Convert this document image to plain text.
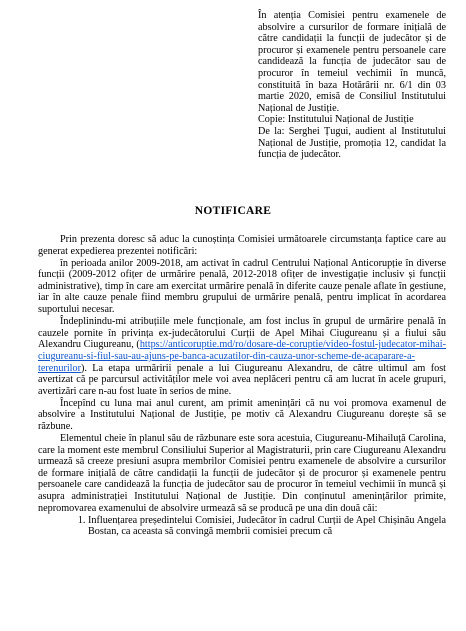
În atenția Comisiei pentru examenele de absolvire a cursurilor de formare inițială de către candidații la funcții de judecător și de procuror și examenele pentru persoanele care candidează la funcția de judecător sau de procuror în temeiul vechimii în muncă, constituită în baza Hotărârii nr. 6/1 din 03 martie 2020, emisă de Consiliul Institutului Național de Justiție.

Copie: Institutului Național de Justiție

De la: Serghei Țugui, audient al Institutului Național de Justiție, promoția 12, candidat la funcția de judecător.

NOTIFICARE

Prin prezenta doresc să aduc la cunoștința Comisiei următoarele circumstanța faptice care au generat expedierea prezentei notificări:

în perioada anilor 2009-2018, am activat în cadrul Centrului Național Anticorupție în diverse funcții (2009-2012 ofițer de urmărire penală, 2012-2018 ofițer de investigație inclusiv și funcții administrative), timp în care am exercitat urmărire penală în diferite cauze penale aflate în gestiune, iar în alte cauze penale fiind membru grupului de urmărire penală, pentru implicat în acordarea suportului necesar.

Îndeplinindu-mi atribuțiile mele funcționale, am fost inclus în grupul de urmărire penală în cauzele pornite în privința ex-judecătorului Curții de Apel Mihai Ciugureanu și a fiului său Alexandru Ciugureanu, (https://anticoruptie.md/ro/dosare-de-coruptie/video-fostul-judecator-mihai-ciugureanu-si-fiul-sau-au-ajuns-pe-banca-acuzatilor-din-cauza-unor-scheme-de-acaparare-a-terenurilor). La etapa urmăririi penale a lui Ciugureanu Alexandru, de către ultimul am fost avertizat că pe parcursul activităților mele voi avea neplăceri pentru că am lucrat în acele grupuri, avertizări care n-au fost luate în serios de mine.

Începînd cu luna mai anul curent, am primit amenințări că nu voi promova examenul de absolvire a Institutului Național de Justiție, pe motiv că Alexandru Ciugureanu dorește să se răzbune.

Elementul cheie în planul său de răzbunare este sora acestuia, Ciugureanu-Mihailuță Carolina, care la moment este membrul Consiliului Superior al Magistraturii, prin care Ciugureanu Alexandru urmează să creeze presiuni asupra membrilor Comisiei pentru examenele de absolvire a cursurilor de formare inițială de către candidații la funcții de judecător și de procuror și examenele pentru persoanele care candidează la funcția de judecător sau de procuror în temeiul vechimii în muncă și asupra administrației Institutului Național de Justiție. Din conținutul amenințărilor primite, nepromovarea examenului de absolvire urmează să se producă pe una din două căi:

1. Influențarea președintelui Comisiei, Judecător în cadrul Curții de Apel Chișinău Angela Bostan, ca aceasta să convingă membrii comisiei precum că
